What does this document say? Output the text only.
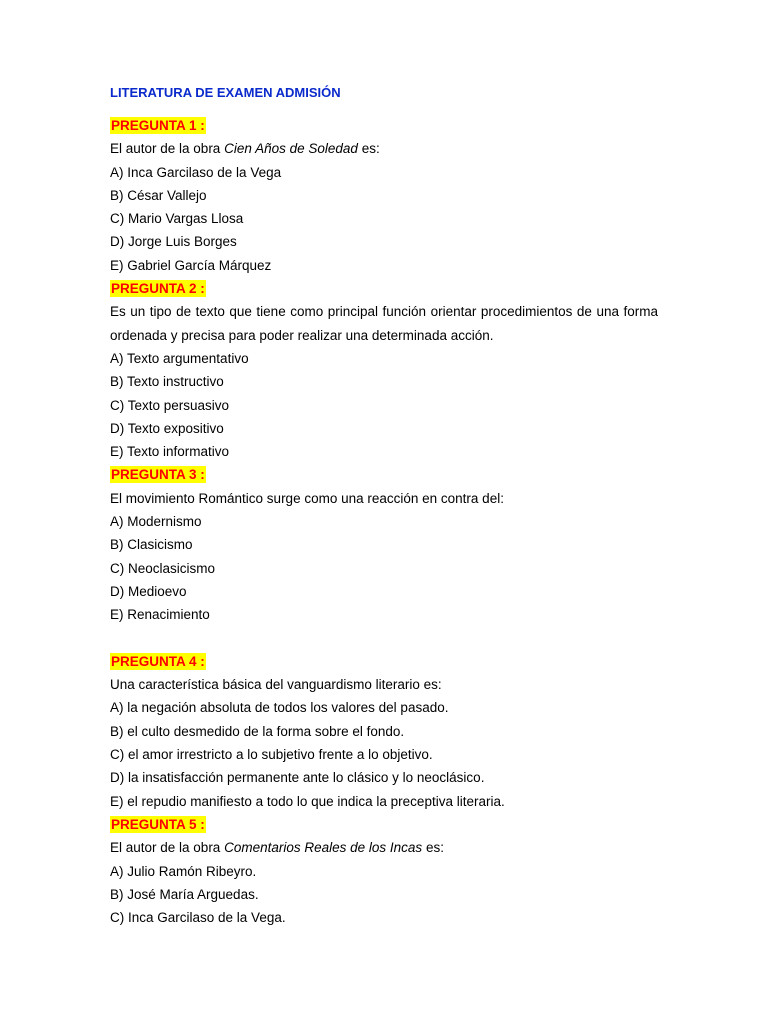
LITERATURA DE EXAMEN ADMISIÓN
PREGUNTA 1 :

El autor de la obra Cien Años de Soledad es:

A) Inca Garcilaso de la Vega

B) César Vallejo

C) Mario Vargas Llosa

D) Jorge Luis Borges

E) Gabriel García Márquez

PREGUNTA 2 :

Es un tipo de texto que tiene como principal función orientar procedimientos de una forma ordenada y precisa para poder realizar una determinada acción.

A) Texto argumentativo

B) Texto instructivo

C) Texto persuasivo

D) Texto expositivo

E) Texto informativo

PREGUNTA 3 :

El movimiento Romántico surge como una reacción en contra del:

A) Modernismo

B) Clasicismo

C) Neoclasicismo

D) Medioevo

E) Renacimiento

PREGUNTA 4 :

Una característica básica del vanguardismo literario es:

A) la negación absoluta de todos los valores del pasado.

B) el culto desmedido de la forma sobre el fondo.

C) el amor irrestricto a lo subjetivo frente a lo objetivo.

D) la insatisfacción permanente ante lo clásico y lo neoclásico.

E) el repudio manifiesto a todo lo que indica la preceptiva literaria.

PREGUNTA 5 :

El autor de la obra Comentarios Reales de los Incas es:

A) Julio Ramón Ribeyro.

B) José María Arguedas.

C) Inca Garcilaso de la Vega.
